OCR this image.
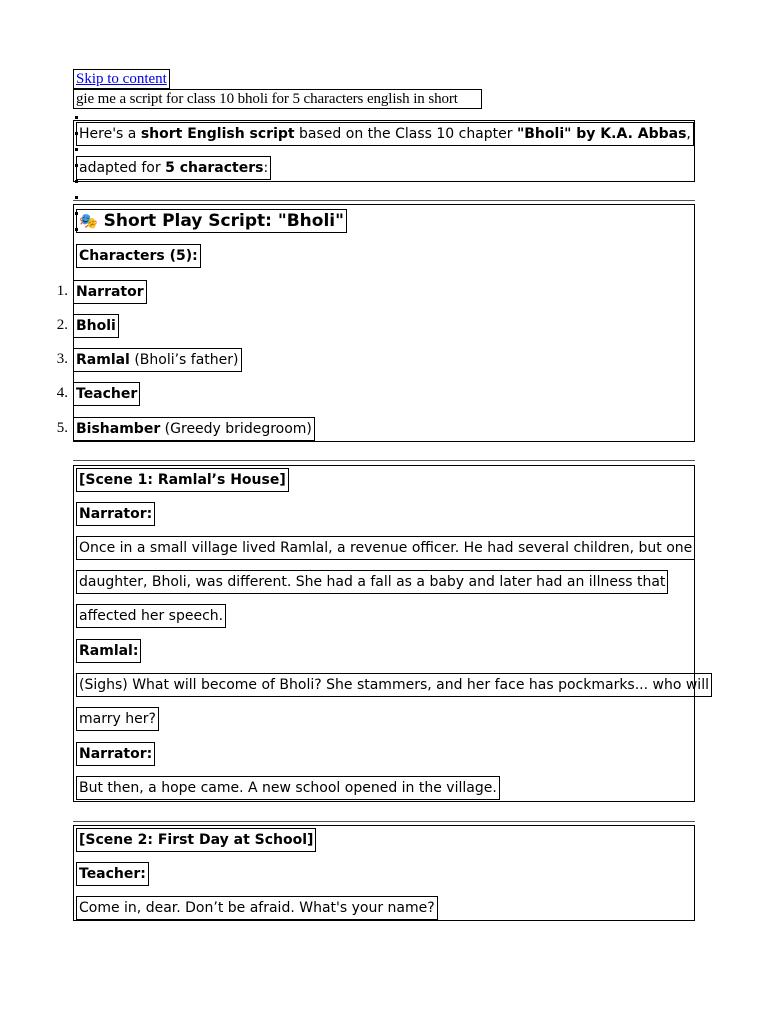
Skip to content
gie me a script for class 10 bholi for 5 characters english in short
Here's a short English script based on the Class 10 chapter "Bholi" by K.A. Abbas,
adapted for 5 characters:
🎭 Short Play Script: "Bholi"
Characters (5):
1. Narrator
2. Bholi
3. Ramlal (Bholi’s father)
4. Teacher
5. Bishamber (Greedy bridegroom)
[Scene 1: Ramlal’s House]
Narrator:
Once in a small village lived Ramlal, a revenue officer. He had several children, but one
daughter, Bholi, was different. She had a fall as a baby and later had an illness that
affected her speech.
Ramlal:
(Sighs) What will become of Bholi? She stammers, and her face has pockmarks... who will
marry her?
Narrator:
But then, a hope came. A new school opened in the village.
[Scene 2: First Day at School]
Teacher:
Come in, dear. Don’t be afraid. What's your name?
